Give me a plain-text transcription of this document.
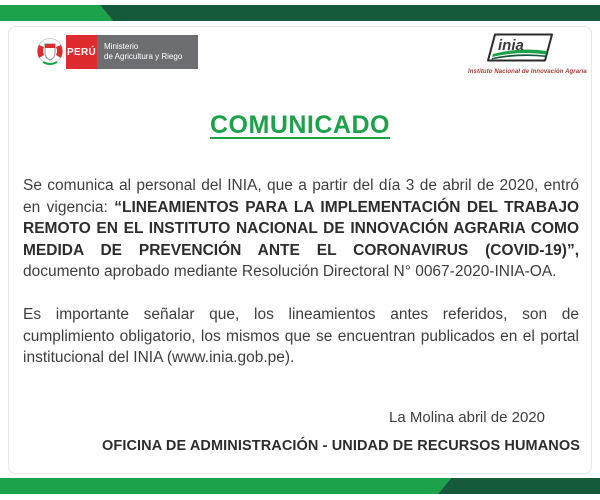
PERÚ Ministerio
de Agricultura y Riego
inia
Instituto Nacional de Innovación Agraria
COMUNICADO

Se comunica al personal del INIA, que a partir del día 3 de abril de 2020, entró en vigencia: “LINEAMIENTOS PARA LA IMPLEMENTACIÓN DEL TRABAJO REMOTO EN EL INSTITUTO NACIONAL DE INNOVACIÓN AGRARIA COMO MEDIDA DE PREVENCIÓN ANTE EL CORONAVIRUS (COVID-19)”, documento aprobado mediante Resolución Directoral N° 0067-2020-INIA-OA.

Es importante señalar que, los lineamientos antes referidos, son de cumplimiento obligatorio, los mismos que se encuentran publicados en el portal institucional del INIA (www.inia.gob.pe).

La Molina abril de 2020
OFICINA DE ADMINISTRACIÓN - UNIDAD DE RECURSOS HUMANOS
